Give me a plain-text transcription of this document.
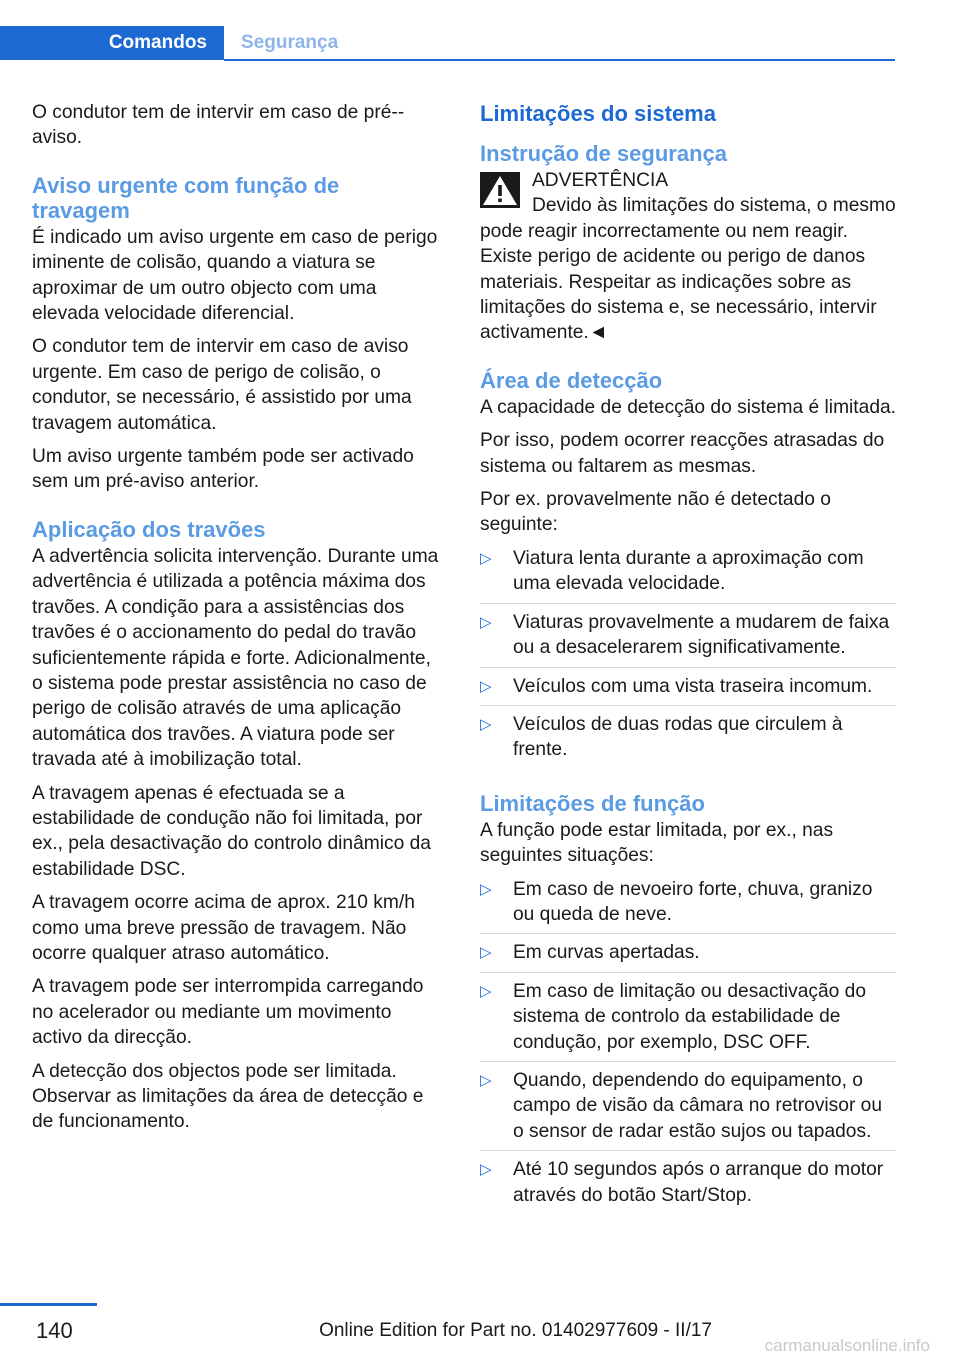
Comandos	Segurança

O condutor tem de intervir em caso de pré--aviso.

Aviso urgente com função de travagem

É indicado um aviso urgente em caso de perigo iminente de colisão, quando a viatura se aproximar de um outro objecto com uma elevada velocidade diferencial.

O condutor tem de intervir em caso de aviso urgente. Em caso de perigo de colisão, o condutor, se necessário, é assistido por uma travagem automática.

Um aviso urgente também pode ser activado sem um pré-aviso anterior.

Aplicação dos travões

A advertência solicita intervenção. Durante uma advertência é utilizada a potência máxima dos travões. A condição para a assistências dos travões é o accionamento do pedal do travão suficientemente rápida e forte. Adicionalmente, o sistema pode prestar assistência no caso de perigo de colisão através de uma aplicação automática dos travões. A viatura pode ser travada até à imobilização total.

A travagem apenas é efectuada se a estabilidade de condução não foi limitada, por ex., pela desactivação do controlo dinâmico da estabilidade DSC.

A travagem ocorre acima de aprox. 210 km/h como uma breve pressão de travagem. Não ocorre qualquer atraso automático.

A travagem pode ser interrompida carregando no acelerador ou mediante um movimento activo da direcção.

A detecção dos objectos pode ser limitada. Observar as limitações da área de detecção e de funcionamento.

Limitações do sistema
Instrução de segurança
ADVERTÊNCIA

Devido às limitações do sistema, o mesmo pode reagir incorrectamente ou nem reagir. Existe perigo de acidente ou perigo de danos materiais. Respeitar as indicações sobre as limitações do sistema e, se necessário, intervir activamente.◄

Área de detecção

A capacidade de detecção do sistema é limitada.

Por isso, podem ocorrer reacções atrasadas do sistema ou faltarem as mesmas.

Por ex. provavelmente não é detectado o seguinte:

▷ Viatura lenta durante a aproximação com uma elevada velocidade.
▷ Viaturas provavelmente a mudarem de faixa ou a desacelerarem significativamente.
▷ Veículos com uma vista traseira incomum.
▷ Veículos de duas rodas que circulem à frente.
Limitações de função

A função pode estar limitada, por ex., nas seguintes situações:

▷ Em caso de nevoeiro forte, chuva, granizo ou queda de neve.
▷ Em curvas apertadas.
▷ Em caso de limitação ou desactivação do sistema de controlo da estabilidade de condução, por exemplo, DSC OFF.
▷ Quando, dependendo do equipamento, o campo de visão da câmara no retrovisor ou o sensor de radar estão sujos ou tapados.
▷ Até 10 segundos após o arranque do motor através do botão Start/Stop.
140	Online Edition for Part no. 01402977609 - II/17
carmanualsonline.info
